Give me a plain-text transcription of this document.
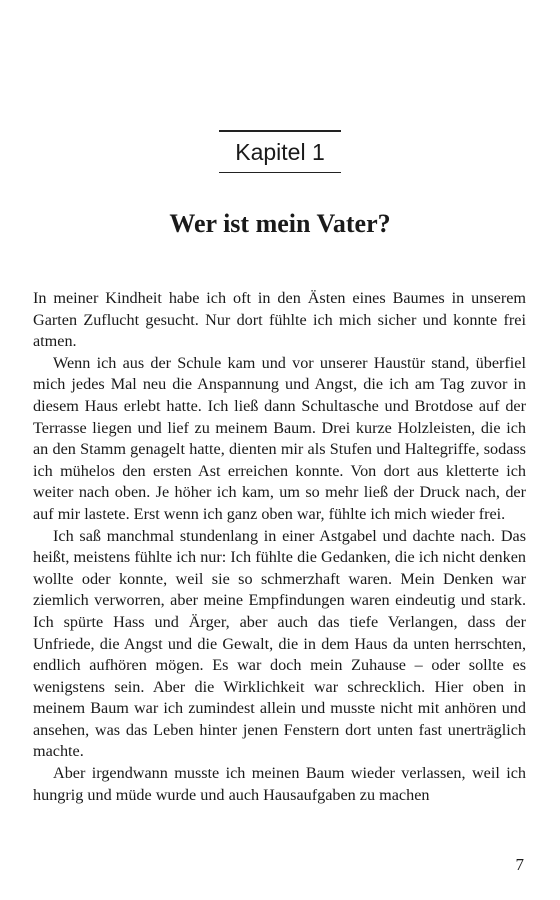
Kapitel 1
Wer ist mein Vater?

In meiner Kindheit habe ich oft in den Ästen eines Baumes in unserem Garten Zuflucht gesucht. Nur dort fühlte ich mich sicher und konnte frei atmen.

Wenn ich aus der Schule kam und vor unserer Haustür stand, überfiel mich jedes Mal neu die Anspannung und Angst, die ich am Tag zuvor in diesem Haus erlebt hatte. Ich ließ dann Schultasche und Brotdose auf der Terrasse liegen und lief zu meinem Baum. Drei kurze Holzleisten, die ich an den Stamm genagelt hatte, dienten mir als Stufen und Haltegriffe, sodass ich mühelos den ersten Ast erreichen konnte. Von dort aus kletterte ich weiter nach oben. Je höher ich kam, um so mehr ließ der Druck nach, der auf mir lastete. Erst wenn ich ganz oben war, fühlte ich mich wieder frei.

Ich saß manchmal stundenlang in einer Astgabel und dachte nach. Das heißt, meistens fühlte ich nur: Ich fühlte die Gedanken, die ich nicht denken wollte oder konnte, weil sie so schmerzhaft waren. Mein Denken war ziemlich verworren, aber meine Empfindungen waren eindeutig und stark. Ich spürte Hass und Ärger, aber auch das tiefe Verlangen, dass der Unfriede, die Angst und die Gewalt, die in dem Haus da unten herrschten, endlich aufhören mögen. Es war doch mein Zuhause – oder sollte es wenigstens sein. Aber die Wirklichkeit war schrecklich. Hier oben in meinem Baum war ich zumindest allein und musste nicht mit anhören und ansehen, was das Leben hinter jenen Fenstern dort unten fast unerträglich machte.

Aber irgendwann musste ich meinen Baum wieder verlassen, weil ich hungrig und müde wurde und auch Hausaufgaben zu machen

7
